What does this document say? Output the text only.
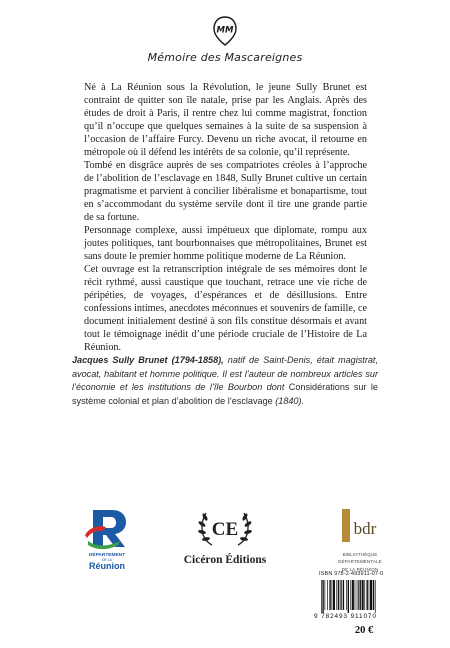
MM
Mémoire des Mascareignes

Né à La Réunion sous la Révolution, le jeune Sully Brunet est contraint de quitter son île natale, prise par les Anglais. Après des études de droit à Paris, il rentre chez lui comme magistrat, fonction qu’il n’occupe que quelques semaines à la suite de sa suspension à l’occasion de l’affaire Furcy. Devenu un riche avocat, il retourne en métropole où il défend les intérêts de sa colonie, qu’il représente.

Tombé en disgrâce auprès de ses compatriotes créoles à l’approche de l’abolition de l’esclavage en 1848, Sully Brunet cultive un certain pragmatisme et parvient à concilier libéralisme et bonapartisme, tout en s’accommodant du système servile dont il tire une grande partie de sa fortune.

Personnage complexe, aussi impétueux que diplomate, rompu aux joutes politiques, tant bourbonnaises que métropolitaines, Brunet est sans doute le premier homme politique moderne de La Réunion.

Cet ouvrage est la retranscription intégrale de ses mémoires dont le récit rythmé, aussi caustique que touchant, retrace une vie riche de péripéties, de voyages, d’espérances et de désillusions. Entre confessions intimes, anecdotes méconnues et souvenirs de famille, ce document initialement destiné à son fils constitue désormais et avant tout le témoignage inédit d’une période cruciale de l’Histoire de La Réunion.

Jacques Sully Brunet (1794-1858), natif de Saint-Denis, était magistrat, avocat, habitant et homme politique. Il est l’auteur de nombreux articles sur l’économie et les institutions de l’île Bourbon dont Considérations sur le système colonial et plan d’abolition de l’esclavage (1840).
DÉPARTEMENT
DE LA
Réunion
CE
Cicéron Éditions
bdr
BIBLIOTHÈQUE
DÉPARTEMENTALE
DE LA RÉUNION
ISBN 978-2-493911-07-0
9 782493 911070
20 €
